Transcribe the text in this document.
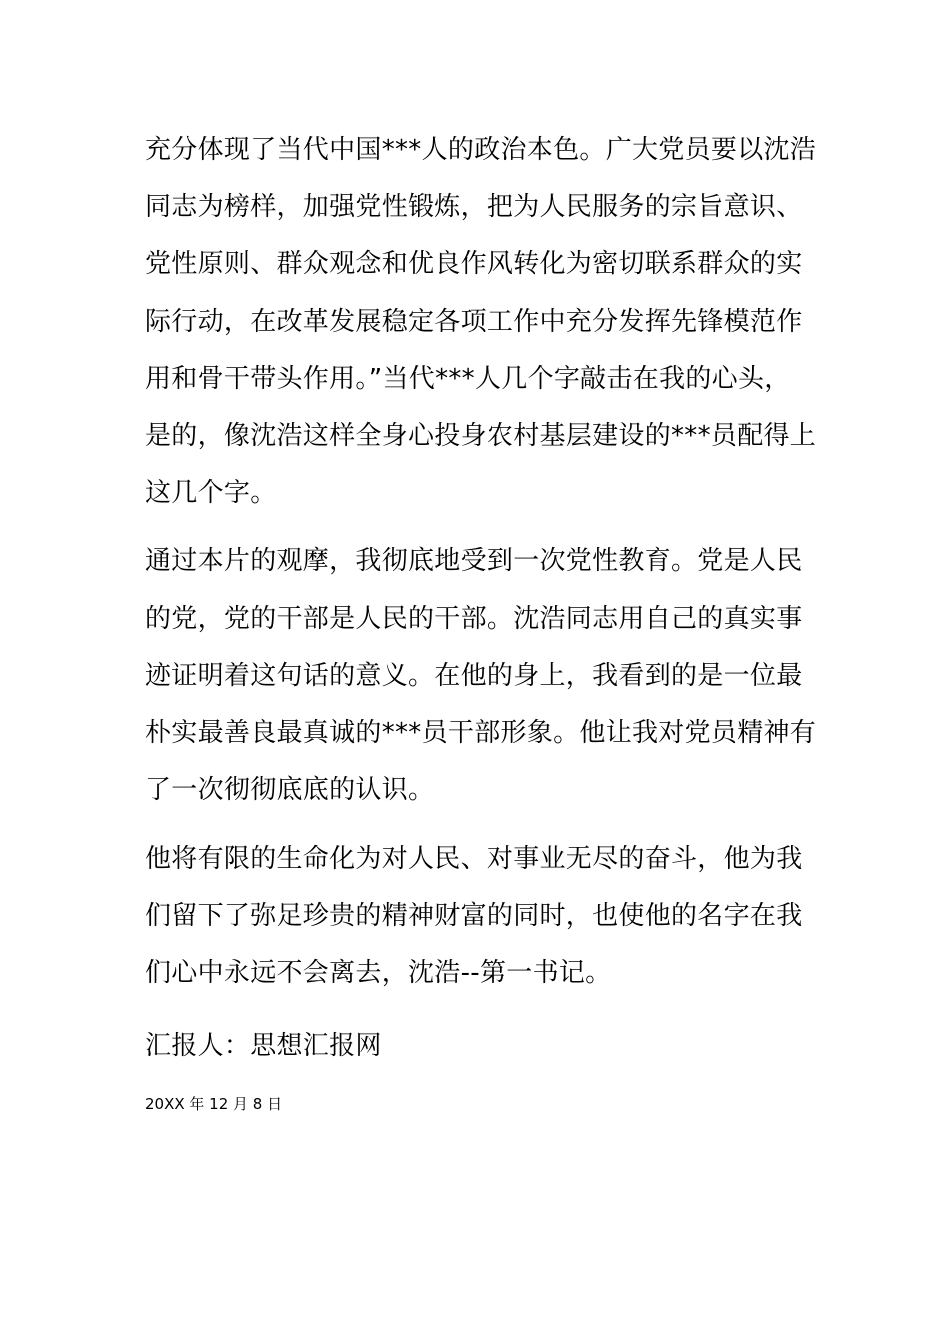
充分体现了当代中国***人的政治本色。广大党员要以沈浩
同志为榜样，加强党性锻炼，把为人民服务的宗旨意识、
党性原则、群众观念和优良作风转化为密切联系群众的实
际行动，在改革发展稳定各项工作中充分发挥先锋模范作
用和骨干带头作用。”当代***人几个字敲击在我的心头，
是的，像沈浩这样全身心投身农村基层建设的***员配得上
这几个字。
通过本片的观摩，我彻底地受到一次党性教育。党是人民
的党，党的干部是人民的干部。沈浩同志用自己的真实事
迹证明着这句话的意义。在他的身上，我看到的是一位最
朴实最善良最真诚的***员干部形象。他让我对党员精神有
了一次彻彻底底的认识。
他将有限的生命化为对人民、对事业无尽的奋斗，他为我
们留下了弥足珍贵的精神财富的同时，也使他的名字在我
们心中永远不会离去，沈浩--第一书记。
汇报人：思想汇报网
20XX 年 12 月 8 日
